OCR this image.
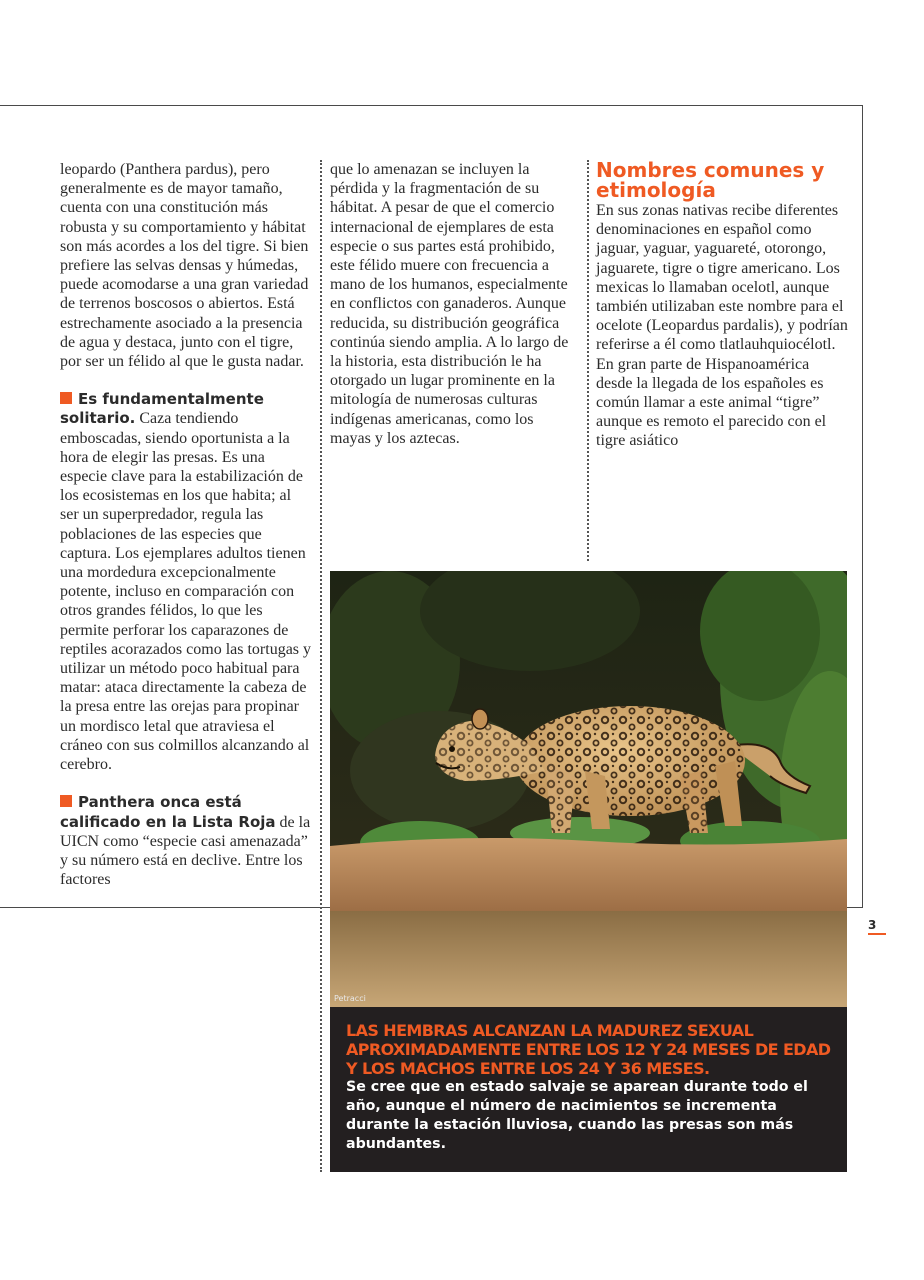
leopardo (Panthera pardus), pero generalmente es de mayor tamaño, cuenta con una constitución más robusta y su comportamiento y hábitat son más acordes a los del tigre. Si bien prefiere las selvas densas y húmedas, puede acomodarse a una gran variedad de terrenos boscosos o abiertos. Está estrechamente asociado a la presencia de agua y destaca, junto con el tigre, por ser un félido al que le gusta nadar.

Es fundamentalmente solitario. Caza tendiendo emboscadas, siendo oportunista a la hora de elegir las presas. Es una especie clave para la estabilización de los ecosistemas en los que habita; al ser un superpredador, regula las poblaciones de las especies que captura. Los ejemplares adultos tienen una mordedura excepcionalmente potente, incluso en comparación con otros grandes félidos, lo que les permite perforar los caparazones de reptiles acorazados como las tortugas y utilizar un método poco habitual para matar: ataca directamente la cabeza de la presa entre las orejas para propinar un mordisco letal que atraviesa el cráneo con sus colmillos alcanzando al cerebro.

Panthera onca está calificado en la Lista Roja de la UICN como “especie casi amenazada” y su número está en declive. Entre los factores

que lo amenazan se incluyen la pérdida y la fragmentación de su hábitat. A pesar de que el comercio internacional de ejemplares de esta especie o sus partes está prohibido, este félido muere con frecuencia a mano de los humanos, especialmente en conflictos con ganaderos. Aunque reducida, su distribución geográfica continúa siendo amplia. A lo largo de la historia, esta distribución le ha otorgado un lugar prominente en la mitología de numerosas culturas indígenas americanas, como los mayas y los aztecas.

Nombres comunes y etimología

En sus zonas nativas recibe diferentes denominaciones en español como jaguar, yaguar, yaguareté, otorongo, jaguarete, tigre o tigre americano. Los mexicas lo llamaban ocelotl, aunque también utilizaban este nombre para el ocelote (Leopardus pardalis), y podrían referirse a él como tlatlauhquiocélotl. En gran parte de Hispanoamérica desde la llegada de los españoles es común llamar a este animal “tigre” aunque es remoto el parecido con el tigre asiático

Petracci
LAS HEMBRAS ALCANZAN LA MADUREZ SEXUAL APROXIMADAMENTE ENTRE LOS 12 Y 24 MESES DE EDAD Y LOS MACHOS ENTRE LOS 24 Y 36 MESES.
Se cree que en estado salvaje se aparean durante todo el año, aunque el número de nacimientos se incrementa durante la estación lluviosa, cuando las presas son más abundantes.
3
